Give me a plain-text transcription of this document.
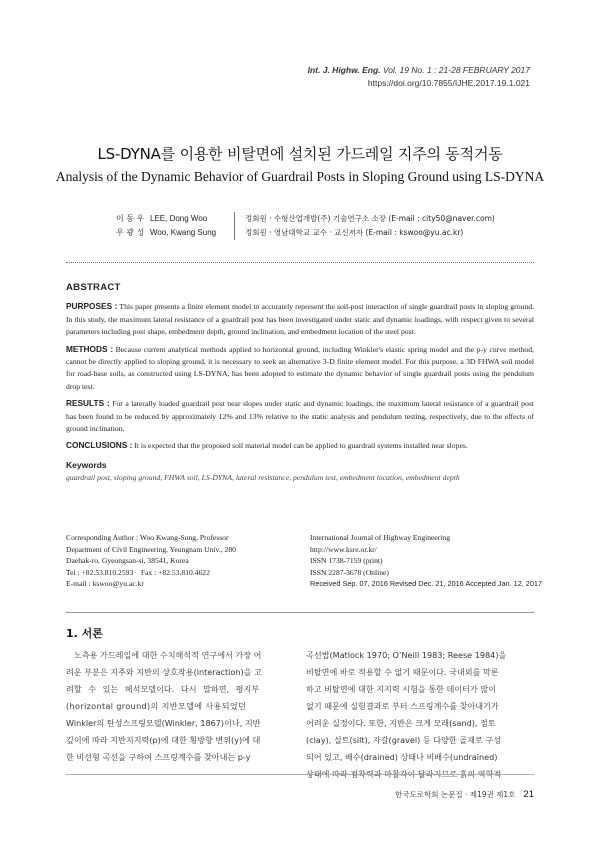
Int. J. Highw. Eng. Vol. 19 No. 1 : 21-28 FEBRUARY 2017
https://doi.org/10.7855/IJHE.2017.19.1.021
LS-DYNA를 이용한 비탈면에 설치된 가드레일 지주의 동적거동
Analysis of the Dynamic Behavior of Guardrail Posts in Sloping Ground using LS-DYNA
이 동 우 LEE, Dong Woo	정회원 · 수형산업개발(주) 기술연구소 소장 (E-mail : city50@naver.com)
우 광 성 Woo, Kwang Sung	정회원 · 영남대학교 교수 · 교신저자 (E-mail : kswoo@yu.ac.kr)
ABSTRACT

PURPOSES : This paper presents a finite element model to accurately represent the soil-post interaction of single guardrail posts in sloping ground. In this study, the maximum lateral resistance of a guardrail post has been investigated under static and dynamic loadings, with respect given to several parameters including post shape, embedment depth, ground inclination, and embedment location of the steel post.

METHODS : Because current analytical methods applied to horizontal ground, including Winkler's elastic spring model and the p-y curve method, cannot be directly applied to sloping ground, it is necessary to seek an alternative 3-D finite element model. For this purpose, a 3D FHWA soil model for road-base soils, as constructed using LS-DYNA, has been adopted to estimate the dynamic behavior of single guardrail posts using the pendulum drop test.

RESULTS : For a laterally loaded guardrail post near slopes under static and dynamic loadings, the maximum lateral resistance of a guardrail post has been found to be reduced by approximately 12% and 13% relative to the static analysis and pendulum testing, respectively, due to the effects of ground inclination.

CONCLUSIONS : It is expected that the proposed soil material model can be applied to guardrail systems installed near slopes.

Keywords
guardrail post, sloping ground, FHWA soil, LS-DYNA, lateral resistance, pendulum test, embedment location, embedment depth
Corresponding Author : Woo Kwang-Sung, Professor
Department of Civil Engineering, Yeungnam Univ., 280
Daehak-ro, Gyeongsan-si, 38541, Korea
Tel : +82.53.810.2593    Fax : +82.53.810.4622
E-mail : kswoo@yu.ac.kr
International Journal of Highway Engineering
http://www.ksre.or.kr/
ISSN 1738-7159 (print)
ISSN 2287-3678 (Online)
Received Sep. 07, 2016 Revised Dec. 21, 2016 Accepted Jan. 12, 2017
1. 서론
노측용 가드레일에 대한 수치해석적 연구에서 가장 어
려운 부분은 지주와 지반의 상호작용(interaction)을 고
려할 수 있는 해석모델이다. 다시 말하면, 평지부
(horizontal ground)의 지반모델에 사용되었던
Winkler의 탄성스프링모델(Winkler, 1867)이나, 지반
깊이에 따라 지반지지력(p)에 대한 횡방향 변위(y)에 대
한 비선형 곡선을 구하여 스프링계수를 찾아내는 p-y
곡선법(Matlock 1970; O’Neill 1983; Reese 1984)을
비탈면에 바로 적용할 수 없기 때문이다. 국내외를 막론
하고 비탈면에 대한 지지력 시험을 통한 데이터가 많이
없기 때문에 실험결과로 부터 스프링계수를 찾아내기가
어려운 실정이다. 또한, 지반은 크게 모래(sand), 점토
(clay), 실트(silt), 자갈(gravel) 등 다양한 골재로 구성
되어 있고, 배수(drained) 상태나 비배수(undrained)
상태에 따라 점착력과 마찰각이 달라지므로 흙의 역학적
한국도로학회 논문집 · 제19권 제1호 21
